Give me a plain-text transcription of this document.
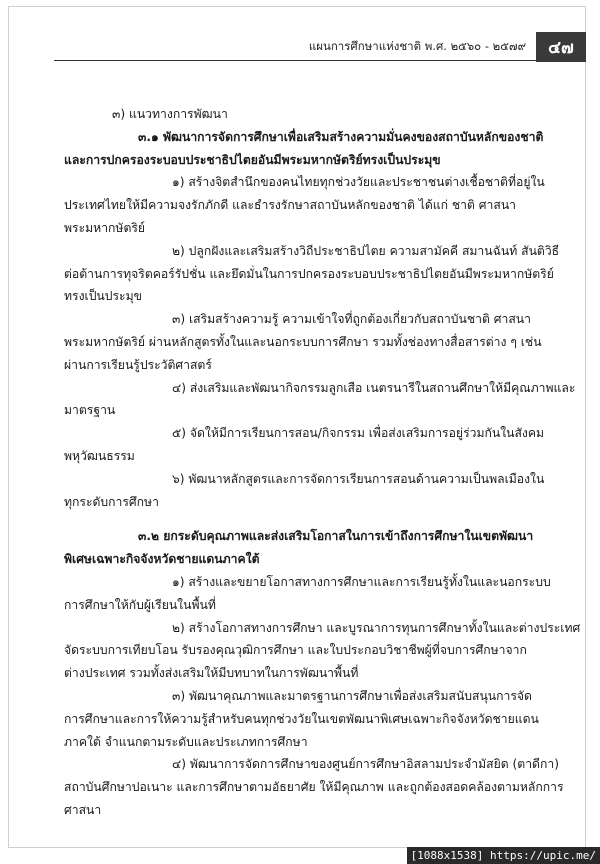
แผนการศึกษาแห่งชาติ พ.ศ. ๒๕๖๐ - ๒๕๗๙	๔๗
๓) แนวทางการพัฒนา
๓.๑ พัฒนาการจัดการศึกษาเพื่อเสริมสร้างความมั่นคงของสถาบันหลักของชาติ
และการปกครองระบอบประชาธิปไตยอันมีพระมหากษัตริย์ทรงเป็นประมุข
๑) สร้างจิตสำนึกของคนไทยทุกช่วงวัยและประชาชนต่างเชื้อชาติที่อยู่ใน
ประเทศไทยให้มีความจงรักภักดี และธำรงรักษาสถาบันหลักของชาติ ได้แก่ ชาติ ศาสนา
พระมหากษัตริย์
๒) ปลูกฝังและเสริมสร้างวิถีประชาธิปไตย ความสามัคคี สมานฉันท์ สันติวิธี
ต่อต้านการทุจริตคอร์รัปชั่น และยึดมั่นในการปกครองระบอบประชาธิปไตยอันมีพระมหากษัตริย์
ทรงเป็นประมุข
๓) เสริมสร้างความรู้ ความเข้าใจที่ถูกต้องเกี่ยวกับสถาบันชาติ ศาสนา
พระมหากษัตริย์ ผ่านหลักสูตรทั้งในและนอกระบบการศึกษา รวมทั้งช่องทางสื่อสารต่าง ๆ เช่น
ผ่านการเรียนรู้ประวัติศาสตร์
๔) ส่งเสริมและพัฒนากิจกรรมลูกเสือ เนตรนารีในสถานศึกษาให้มีคุณภาพและ
มาตรฐาน
๕) จัดให้มีการเรียนการสอน/กิจกรรม เพื่อส่งเสริมการอยู่ร่วมกันในสังคม
พหุวัฒนธรรม
๖) พัฒนาหลักสูตรและการจัดการเรียนการสอนด้านความเป็นพลเมืองใน
ทุกระดับการศึกษา
๓.๒ ยกระดับคุณภาพและส่งเสริมโอกาสในการเข้าถึงการศึกษาในเขตพัฒนา
พิเศษเฉพาะกิจจังหวัดชายแดนภาคใต้
๑) สร้างและขยายโอกาสทางการศึกษาและการเรียนรู้ทั้งในและนอกระบบ
การศึกษาให้กับผู้เรียนในพื้นที่
๒) สร้างโอกาสทางการศึกษา และบูรณาการทุนการศึกษาทั้งในและต่างประเทศ
จัดระบบการเทียบโอน รับรองคุณวุฒิการศึกษา และใบประกอบวิชาชีพผู้ที่จบการศึกษาจาก
ต่างประเทศ รวมทั้งส่งเสริมให้มีบทบาทในการพัฒนาพื้นที่
๓) พัฒนาคุณภาพและมาตรฐานการศึกษาเพื่อส่งเสริมสนับสนุนการจัด
การศึกษาและการให้ความรู้สำหรับคนทุกช่วงวัยในเขตพัฒนาพิเศษเฉพาะกิจจังหวัดชายแดน
ภาคใต้ จำแนกตามระดับและประเภทการศึกษา
๔) พัฒนาการจัดการศึกษาของศูนย์การศึกษาอิสลามประจำมัสยิด (ตาดีกา)
สถาบันศึกษาปอเนาะ และการศึกษาตามอัธยาศัย ให้มีคุณภาพ และถูกต้องสอดคล้องตามหลักการ
ศาสนา
[1088x1538] https://upic.me/
